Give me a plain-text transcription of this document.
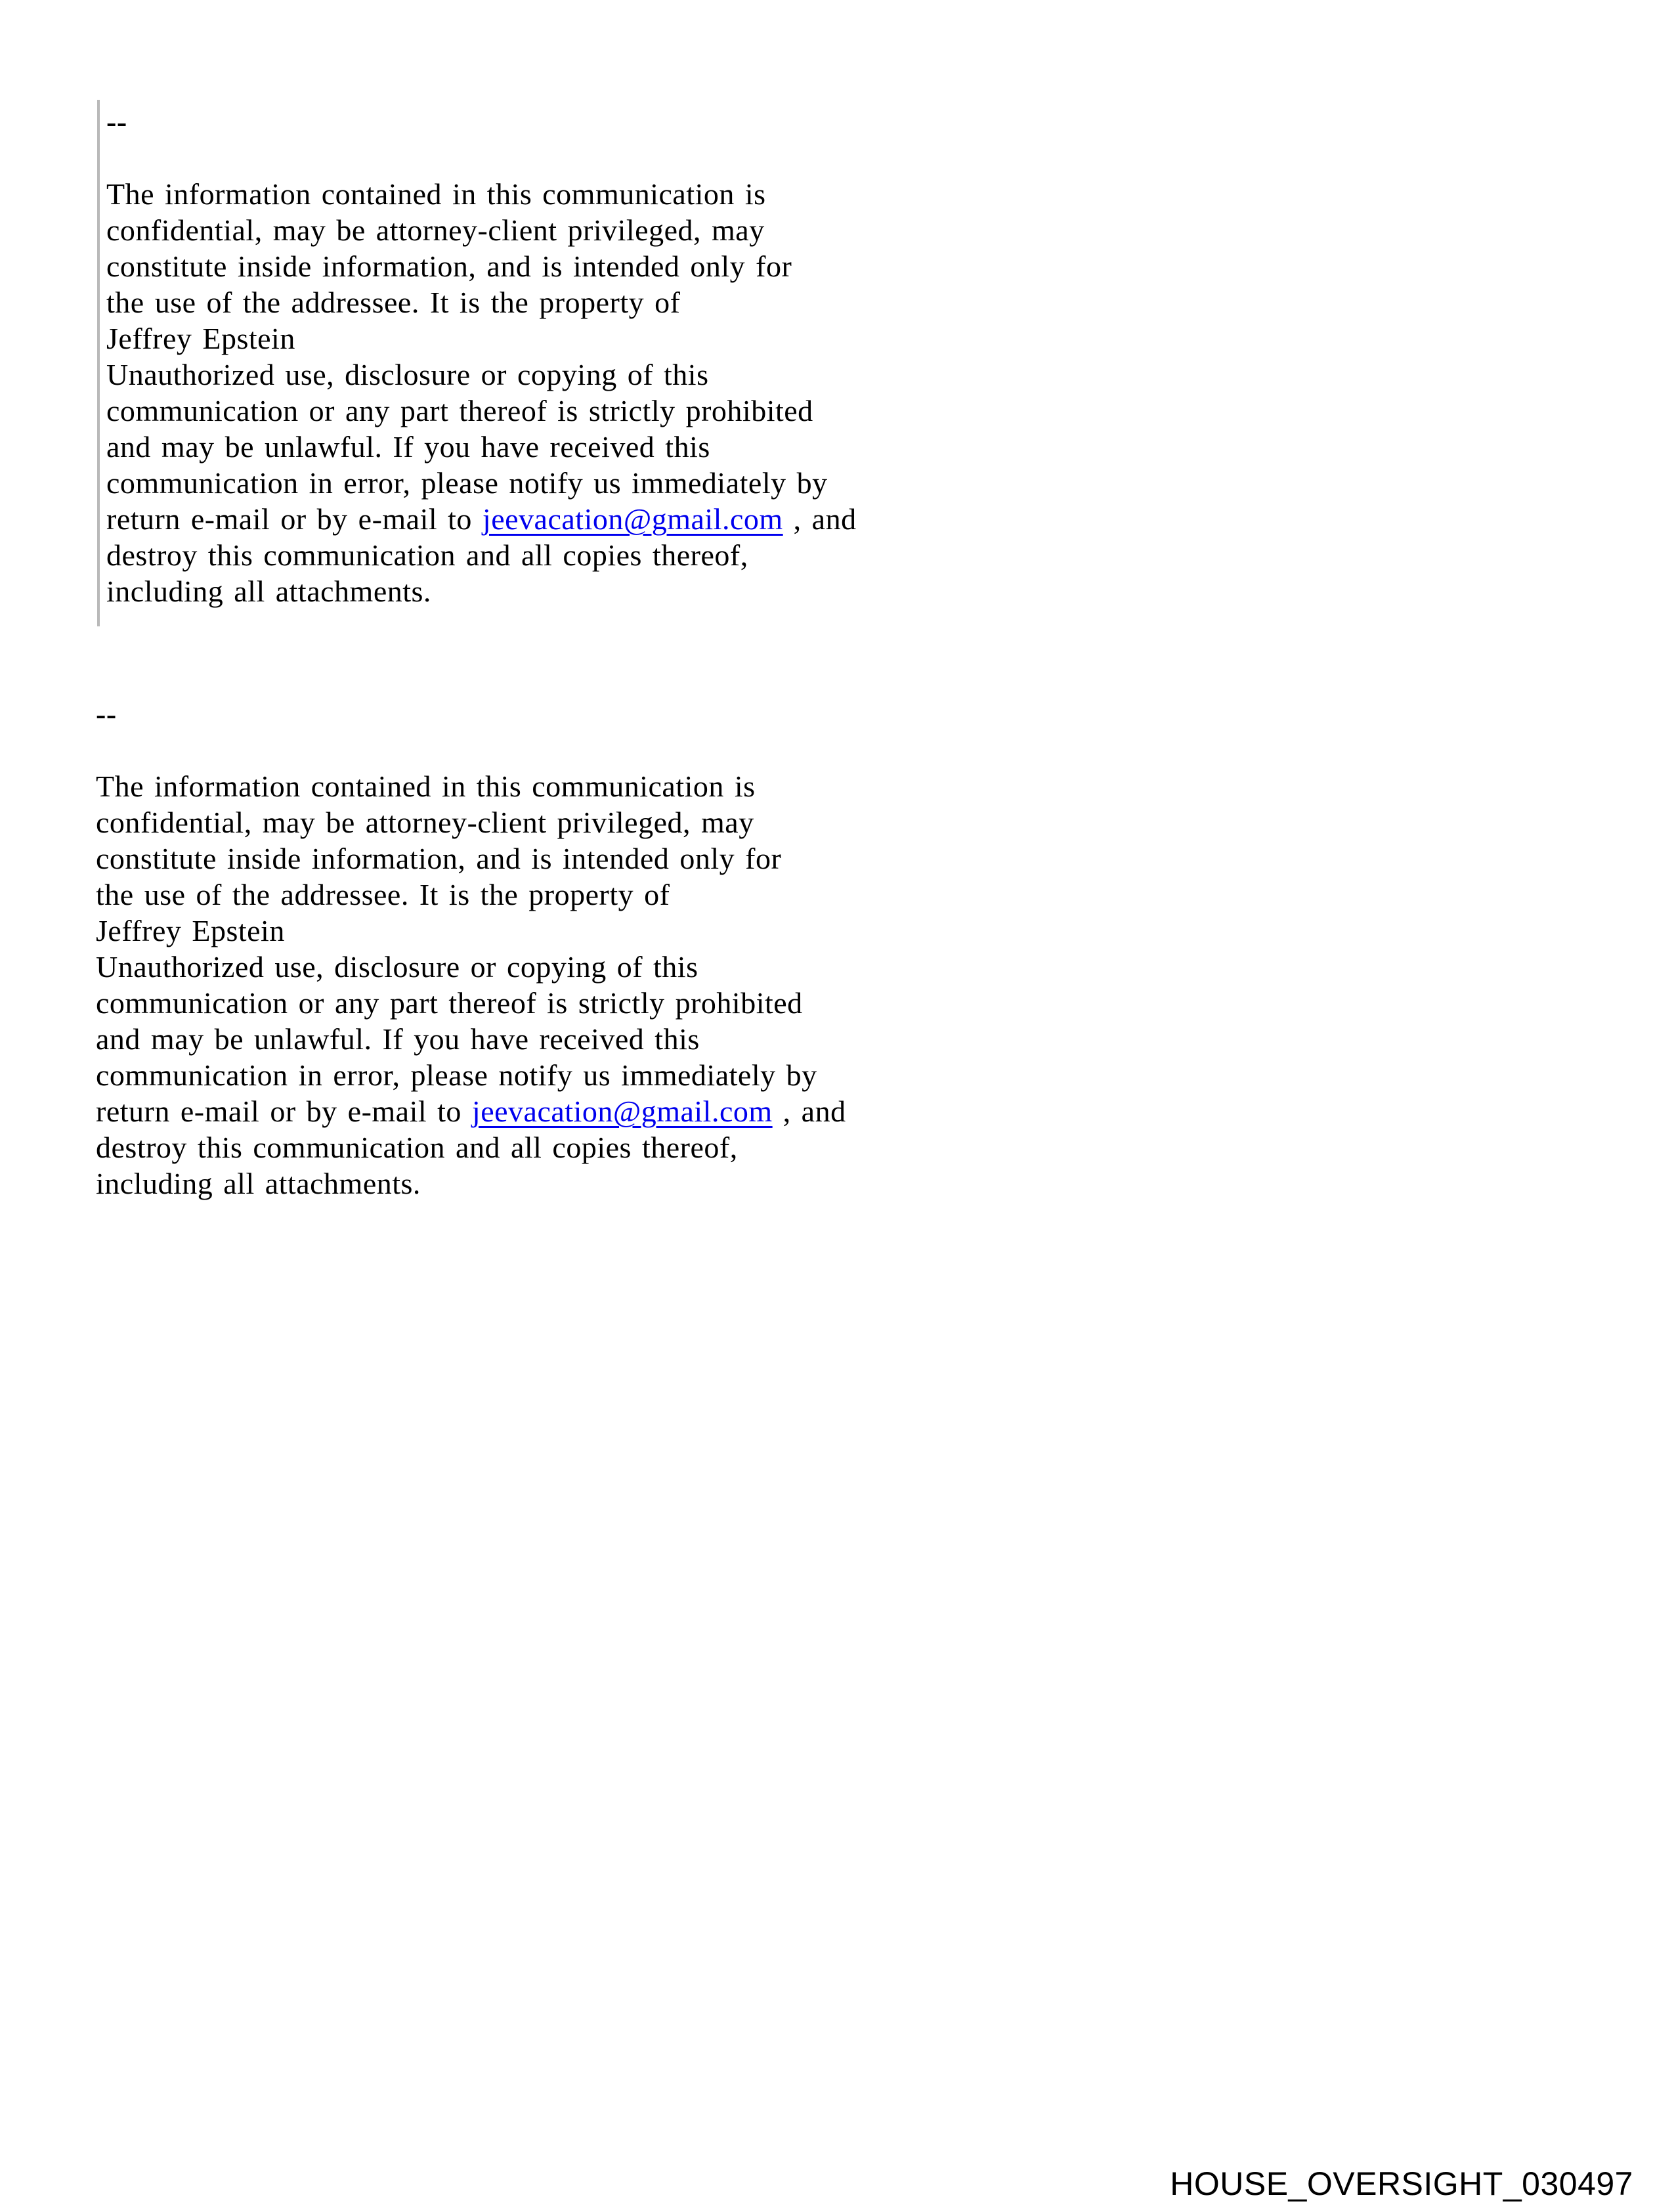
--
The information contained in this communication is
confidential, may be attorney-client privileged, may
constitute inside information, and is intended only for
the use of the addressee. It is the property of
Jeffrey Epstein
Unauthorized use, disclosure or copying of this
communication or any part thereof is strictly prohibited
and may be unlawful. If you have received this
communication in error, please notify us immediately by
return e-mail or by e-mail to jeevacation@gmail.com , and
destroy this communication and all copies thereof,
including all attachments.
--
The information contained in this communication is
confidential, may be attorney-client privileged, may
constitute inside information, and is intended only for
the use of the addressee. It is the property of
Jeffrey Epstein
Unauthorized use, disclosure or copying of this
communication or any part thereof is strictly prohibited
and may be unlawful. If you have received this
communication in error, please notify us immediately by
return e-mail or by e-mail to jeevacation@gmail.com , and
destroy this communication and all copies thereof,
including all attachments.
HOUSE_OVERSIGHT_030497
